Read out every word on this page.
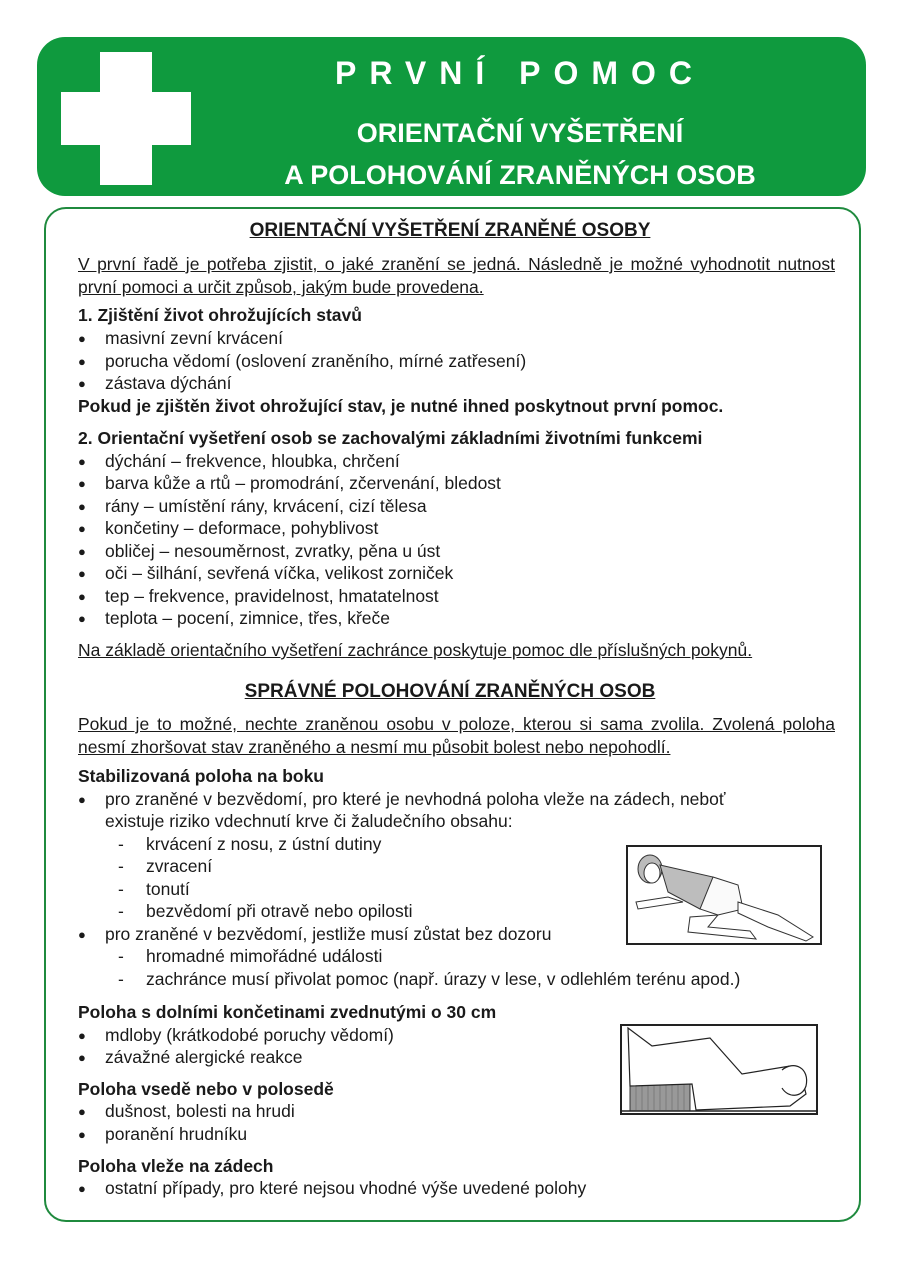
PRVNÍ POMOC
ORIENTAČNÍ VYŠETŘENÍ
A POLOHOVÁNÍ ZRANĚNÝCH OSOB
ORIENTAČNÍ VYŠETŘENÍ ZRANĚNÉ OSOBY
V první řadě je potřeba zjistit, o jaké zranění se jedná. Následně je možné vyhodnotit nutnost první pomoci a určit způsob, jakým bude provedena.
1. Zjištění život ohrožujících stavů
● masivní zevní krvácení
● porucha vědomí (oslovení zraněního, mírné zatřesení)
● zástava dýchání
Pokud je zjištěn život ohrožující stav, je nutné ihned poskytnout první pomoc.
2. Orientační vyšetření osob se zachovalými základními životními funkcemi
● dýchání – frekvence, hloubka, chrčení
● barva kůže a rtů – promodrání, zčervenání, bledost
● rány – umístění rány, krvácení, cizí tělesa
● končetiny – deformace, pohyblivost
● obličej – nesouměrnost, zvratky, pěna u úst
● oči – šilhání, sevřená víčka, velikost zorniček
● tep – frekvence, pravidelnost, hmatatelnost
● teplota – pocení, zimnice, třes, křeče
Na základě orientačního vyšetření zachránce poskytuje pomoc dle příslušných pokynů.
SPRÁVNÉ POLOHOVÁNÍ ZRANĚNÝCH OSOB
Pokud je to možné, nechte zraněnou osobu v poloze, kterou si sama zvolila. Zvolená poloha nesmí zhoršovat stav zraněného a nesmí mu působit bolest nebo nepohodlí.
Stabilizovaná poloha na boku
● pro zraněné v bezvědomí, pro které je nevhodná poloha vleže na zádech, neboť
existuje riziko vdechnutí krve či žaludečního obsahu:
- krvácení z nosu, z ústní dutiny
- zvracení
- tonutí
- bezvědomí při otravě nebo opilosti
● pro zraněné v bezvědomí, jestliže musí zůstat bez dozoru
- hromadné mimořádné události
- zachránce musí přivolat pomoc (např. úrazy v lese, v odlehlém terénu apod.)
Poloha s dolními končetinami zvednutými o 30 cm
● mdloby (krátkodobé poruchy vědomí)
● závažné alergické reakce
Poloha vsedě nebo v polosedě
● dušnost, bolesti na hrudi
● poranění hrudníku
Poloha vleže na zádech
● ostatní případy, pro které nejsou vhodné výše uvedené polohy
